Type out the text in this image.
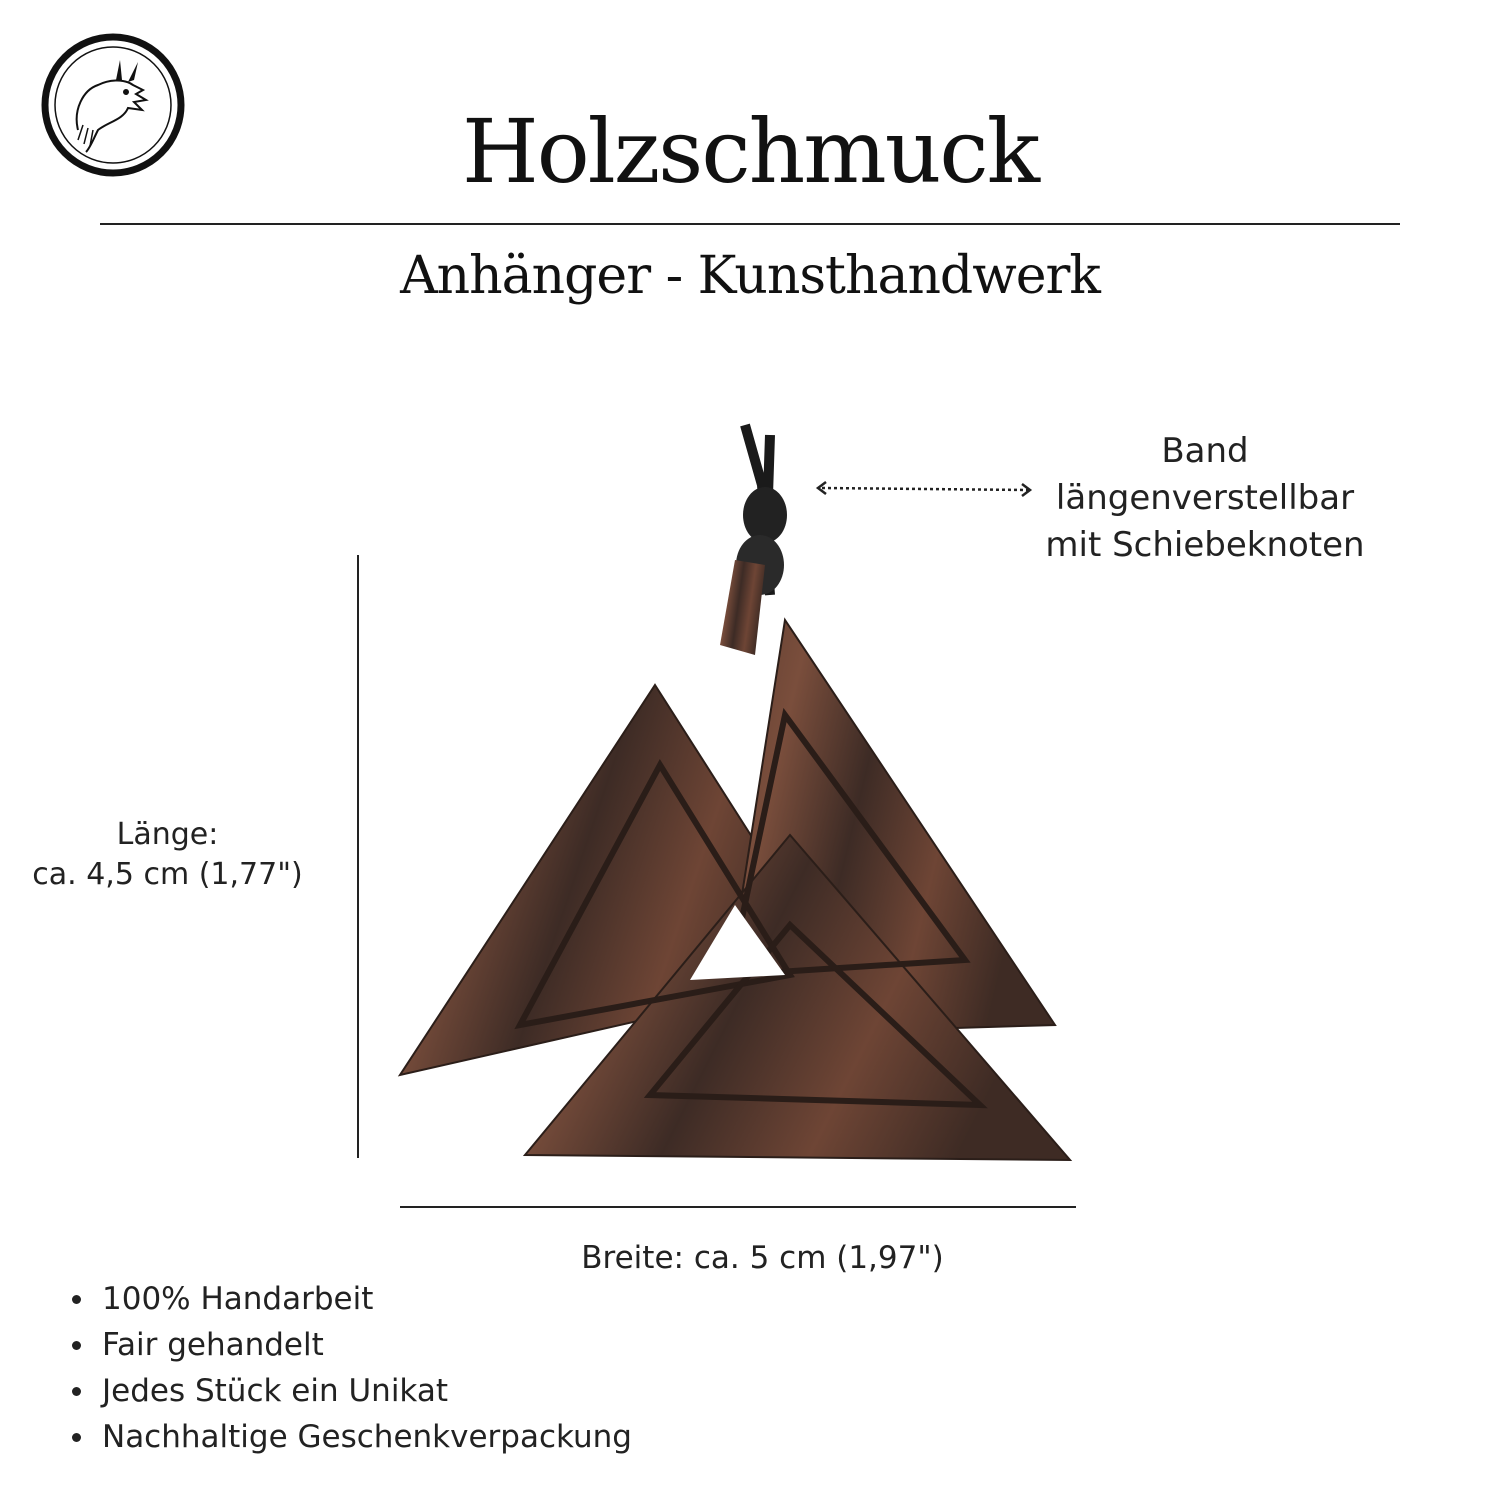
Holzschmuck
Anhänger - Kunsthandwerk
Band
längenverstellbar
mit Schiebeknoten
Länge:
ca. 4,5 cm (1,77")
Breite: ca. 5 cm (1,97")
100% Handarbeit
Fair gehandelt
Jedes Stück ein Unikat
Nachhaltige Geschenkverpackung
